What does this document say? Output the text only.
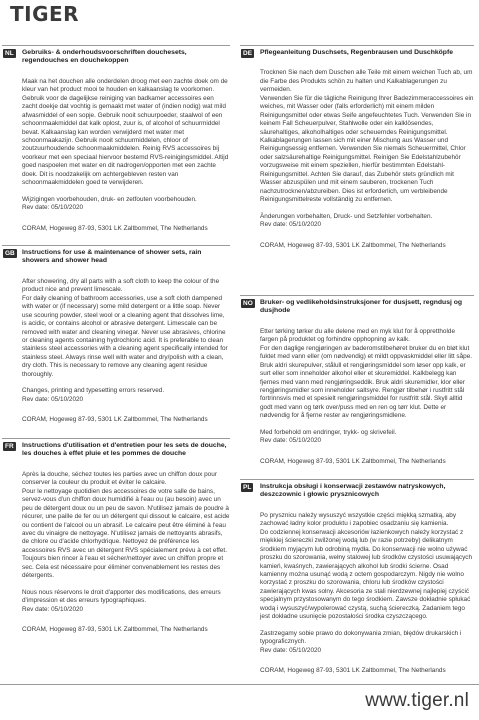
TIGER
NL Gebruiks- & onderhoudsvoorschriften douchesets, regendouches en douchekoppen

Maak na het douchen alle onderdelen droog met een zachte doek om de kleur van het product mooi te houden en kalkaanslag te voorkomen. Gebruik voor de dagelijkse reiniging van badkamer accessoires een zacht doekje dat vochtig is gemaakt met water of (indien nodig) wat mild afwasmiddel of een sopje. Gebruik nooit schuurpoeder, staalwol of een schoonmaakmiddel dat kalk oplost, zuur is, of alcohol of schuurmiddel bevat. Kalkaanslag kan worden verwijderd met water met schoonmaakazijn. Gebruik nooit schuurmiddelen, chloor of zoutzuurhoudende schoonmaakmiddelen. Reinig RVS accessoires bij voorkeur met een speciaal hiervoor bestemd RVS-reinigingsmiddel. Altijd goed naspoelen met water en dit nadrogen/opporten met een zachte doek. Dit is noodzakelijk om achtergebleven resten van schoonmaakmiddelen goed te verwijderen.

Wijzigingen voorbehouden, druk- en zetfouten voorbehouden.
Rev date: 05/10/2020

CORAM, Hogeweg 87-93, 5301 LK Zaltbommel, The Netherlands

GB Instructions for use & maintenance of shower sets, rain showers and shower head

After showering, dry all parts with a soft cloth to keep the colour of the product nice and prevent limescale.
For daily cleaning of bathroom accessories, use a soft cloth dampened with water or (if necessary) some mild detergent or a little soap. Never use scouring powder, steel wool or a cleaning agent that dissolves lime, is acidic, or contains alcohol or abrasive detergent. Limescale can be removed with water and cleaning vinegar. Never use abrasives, chlorine or cleaning agents containing hydrochloric acid. It is preferable to clean stainless steel accessories with a cleaning agent specifically intended for stainless steel. Always rinse well with water and dry/polish with a clean, dry cloth. This is necessary to remove any cleaning agent residue thoroughly.

Changes, printing and typesetting errors reserved.
Rev date: 05/10/2020

CORAM, Hogeweg 87-93, 5301 LK Zaltbommel, The Netherlands

FR Instructions d'utilisation et d'entretien pour les sets de douche, les douches à effet pluie et les pommes de douche

Après la douche, séchez toutes les parties avec un chiffon doux pour conserver la couleur du produit et éviter le calcaire.
Pour le nettoyage quotidien des accessoires de votre salle de bains, servez-vous d'un chiffon doux humidifié à l'eau ou (au besoin) avec un peu de détergent doux ou un peu de savon. N'utilisez jamais de poudre à récurer, une paille de fer ou un détergent qui dissout le calcaire, est acide ou contient de l'alcool ou un abrasif. Le calcaire peut être éliminé à l'eau avec du vinaigre de nettoyage. N'utilisez jamais de nettoyants abrasifs, de chlore ou d'acide chlorhydrique. Nettoyez de préférence les accessoires RVS avec un détergent RVS spécialement prévu à cet effet. Toujours bien rincer à l'eau et sécher/nettoyer avec un chiffon propre et sec. Cela est nécessaire pour éliminer convenablement les restes des détergents.

Nous nous réservons le droit d'apporter des modifications, des erreurs d'impression et des erreurs typographiques.
Rev date: 05/10/2020

CORAM, Hogeweg 87-93, 5301 LK Zaltbommel, The Netherlands

DE Pflegeanleitung Duschsets, Regenbrausen und Duschköpfe

Trocknen Sie nach dem Duschen alle Teile mit einem weichen Tuch ab, um die Farbe des Produkts schön zu halten und Kalkablagerungen zu vermeiden.
Verwenden Sie für die tägliche Reinigung Ihrer Badezimmeraccessoires ein weiches, mit Wasser oder (falls erforderlich) mit einem milden Reinigungsmittel oder etwas Seife angefeuchtetes Tuch. Verwenden Sie in keinem Fall Scheuerpulver, Stahlwolle oder ein kalklösendes, säurehaltiges, alkoholhaltiges oder scheuerndes Reinigungsmittel. Kalkablagerungen lassen sich mit einer Mischung aus Wasser und Reinigungsessig entfernen. Verwenden Sie niemals Scheuermittel, Chlor oder salzsäurehaltige Reinigungsmittel. Reinigen Sie Edelstahlzubehör vorzugsweise mit einem speziellen, hierfür bestimmten Edelstahl-Reinigungsmittel. Achten Sie darauf, das Zubehör stets gründlich mit Wasser abzuspülen und mit einem sauberen, trockenen Tuch nachzutrocknen/abzureiben. Dies ist erforderlich, um verbleibende Reinigungsmittelreste vollständig zu entfernen.

Änderungen vorbehalten, Druck- und Setzfehler vorbehalten.
Rev date: 05/10/2020

CORAM, Hogeweg 87-93, 5301 LK Zaltbommel, The Netherlands

NO Bruker- og vedlikeholdsinstruksjoner for dusjsett, regndusj og dusjhode

Etter tørking tørker du alle delene med en myk klut for å opprettholde fargen på produktet og forhindre opphopning av kalk.
For den daglige rengjøringen av baderomstilbehøret bruker du en bløt klut fuktet med vann eller (om nødvendig) et mildt oppvaskmiddel eller litt såpe. Bruk aldri skurepulver, stålull et rengjøringsmiddel som løser opp kalk, er surt eller som inneholder alkohol eller et skuremiddel. Kalkbelegg kan fjernes med vann med rengjøringseddik. Bruk aldri skuremidler, klor eller rengjøringsmidler som inneholder saltsyre. Rengjør tilbehør i rustfritt stål fortrinnsvis med et spesielt rengjøringsmiddel for rustfritt stål. Skyll alltid godt med vann og tørk over/puss med en ren og tørr klut. Dette er nødvendig for å fjerne rester av rengjøringsmidlene.

Med forbehold om endringer, trykk- og skrivefeil.
Rev date: 05/10/2020

CORAM, Hogeweg 87-93, 5301 LK Zaltbommel, The Netherlands

PL Instrukcja obsługi i konserwacji zestawów natryskowych, deszczownic i głowic prysznicowych

Po prysznicu należy wysuszyć wszystkie części miękką szmatką, aby zachować ładny kolor produktu i zapobiec osadzaniu się kamienia.
Do codziennej konserwacji akcesoriów łazienkowych należy korzystać z miękkiej ściereczki zwilżonej wodą lub (w razie potrzeby) delikatnym środkiem myjącym lub odrobiną mydła. Do konserwacji nie wolno używać proszku do szorowania, wełny stalowej lub środków czystości usuwających kamień, kwaśnych, zawierających alkohol lub środki ścierne. Osad kamienny można usunąć wodą z octem gospodarczym. Nigdy nie wolno korzystać z proszku do szorowania, chloru lub środków czystości zawierających kwas solny. Akcesoria ze stali nierdzewnej najlepiej czyścić specjalnym przystosowanym do tego środkiem. Zawsze dokładnie spłukać wodą i wysuszyć/wypolerować czystą, suchą ściereczką. Zadaniem tego jest dokładne usunięcie pozostałości środka czyszczącego.

Zastrzegamy sobie prawo do dokonywania zmian, błędów drukarskich i typograficznych.
Rev date: 05/10/2020

CORAM, Hogeweg 87-93, 5301 LK Zaltbommel, The Netherlands

www.tiger.nl
